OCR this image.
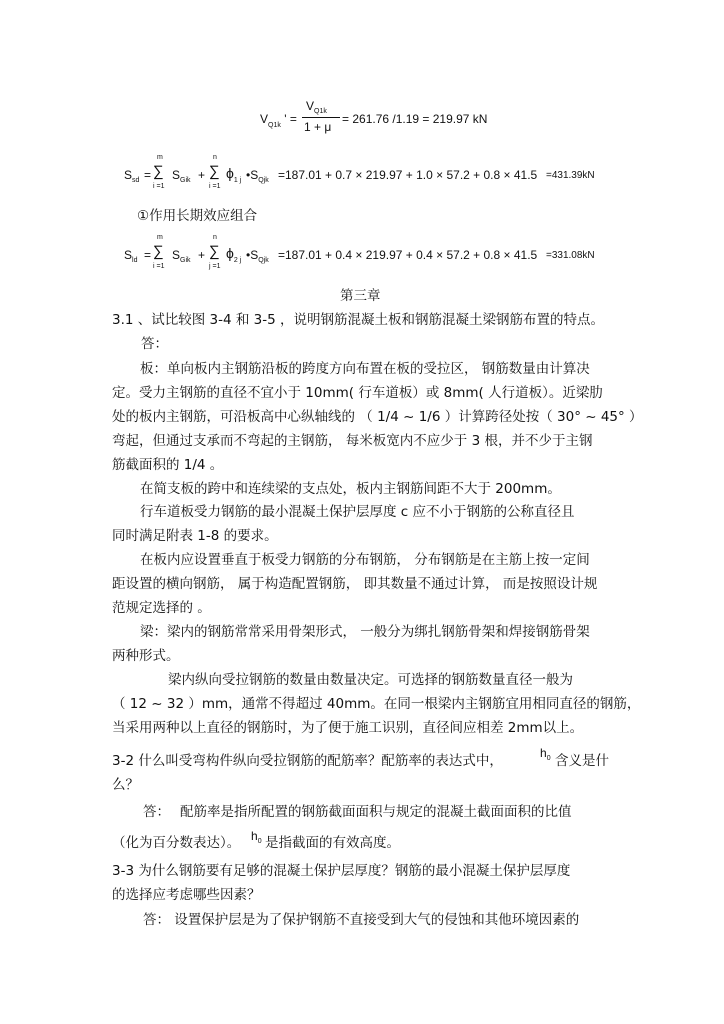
$V_{Q1k}$ ' =
$V_{Q1k}$
1 + μ
= 261.76 /1.19 = 219.97 kN
$S_{sd}$ =
m
∑
i =1
$S_{Gik}$ +
n
∑
i =1
$\phi_{1 j}$ $•S_{Qjk} =187.01 + 0.7 \times 219.97 + 1.0 \times 57.2 + 0.8 \times 41.5 =431.39kN$
①作用长期效应组合
$S_{ld}$ =
m
∑
i =1
$S_{Gik}$ +
n
∑
j =1
$\phi_{2 j}$ $•S_{Qjk} =187.01 + 0.4 \times 219.97 + 0.4 \times 57.2 + 0.8 \times 41.5 =331.08kN$
第三章
3.1 、试比较图 3-4 和 3-5 ，说明钢筋混凝土板和钢筋混凝土梁钢筋布置的特点。
答：
板：单向板内主钢筋沿板的跨度方向布置在板的受拉区， 钢筋数量由计算决
定。受力主钢筋的直径不宜小于 10mm( 行车道板）或 8mm( 人行道板）。近梁肋
处的板内主钢筋，可沿板高中心纵轴线的 （ 1/4 ~ 1/6 ）计算跨径处按（ 30° ~ 45° ）
弯起，但通过支承而不弯起的主钢筋， 每米板宽内不应少于 3 根，并不少于主钢
筋截面积的 1/4 。
在简支板的跨中和连续梁的支点处，板内主钢筋间距不大于 200mm。
行车道板受力钢筋的最小混凝土保护层厚度 c 应不小于钢筋的公称直径且
同时满足附表 1-8 的要求。
在板内应设置垂直于板受力钢筋的分布钢筋， 分布钢筋是在主筋上按一定间
距设置的横向钢筋， 属于构造配置钢筋， 即其数量不通过计算， 而是按照设计规
范规定选择的 。
梁：梁内的钢筋常常采用骨架形式， 一般分为绑扎钢筋骨架和焊接钢筋骨架
两种形式。
梁内纵向受拉钢筋的数量由数量决定。可选择的钢筋数量直径一般为
（ 12 ~ 32 ）mm，通常不得超过 40mm。在同一根梁内主钢筋宜用相同直径的钢筋，
当采用两种以上直径的钢筋时，为了便于施工识别，直径间应相差 2mm以上。
3-2 什么叫受弯构件纵向受拉钢筋的配筋率？配筋率的表达式中，	$h_0$ 含义是什
么？
答： 配筋率是指所配置的钢筋截面面积与规定的混凝土截面面积的比值
（化为百分数表达）。 $h_0$ 是指截面的有效高度。
3-3 为什么钢筋要有足够的混凝土保护层厚度？钢筋的最小混凝土保护层厚度
的选择应考虑哪些因素？
答： 设置保护层是为了保护钢筋不直接受到大气的侵蚀和其他环境因素的
